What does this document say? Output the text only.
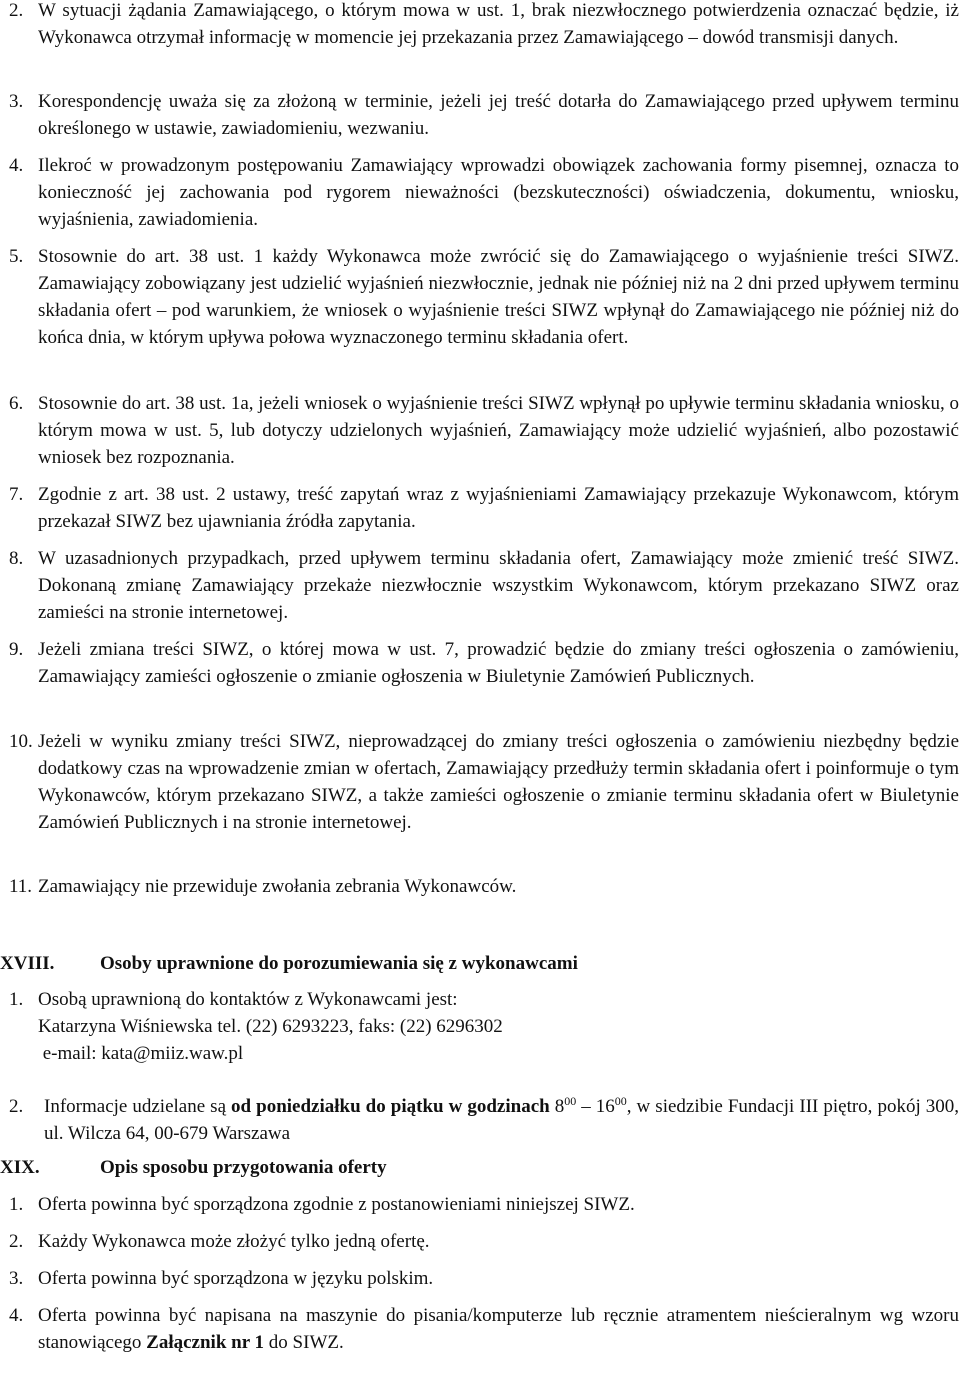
2. W sytuacji żądania Zamawiającego, o którym mowa w ust. 1, brak niezwłocznego potwierdzenia oznaczać będzie, iż Wykonawca otrzymał informację w momencie jej przekazania przez Zamawiającego – dowód transmisji danych.
3. Korespondencję uważa się za złożoną w terminie, jeżeli jej treść dotarła do Zamawiającego przed upływem terminu określonego w ustawie, zawiadomieniu, wezwaniu.
4. Ilekroć w prowadzonym postępowaniu Zamawiający wprowadzi obowiązek zachowania formy pisemnej, oznacza to konieczność jej zachowania pod rygorem nieważności (bezskuteczności) oświadczenia, dokumentu, wniosku, wyjaśnienia, zawiadomienia.
5. Stosownie do art. 38 ust. 1 każdy Wykonawca może zwrócić się do Zamawiającego o wyjaśnienie treści SIWZ. Zamawiający zobowiązany jest udzielić wyjaśnień niezwłocznie, jednak nie później niż na 2 dni przed upływem terminu składania ofert – pod warunkiem, że wniosek o wyjaśnienie treści SIWZ wpłynął do Zamawiającego nie później niż do końca dnia, w którym upływa połowa wyznaczonego terminu składania ofert.
6. Stosownie do art. 38 ust. 1a, jeżeli wniosek o wyjaśnienie treści SIWZ wpłynął po upływie terminu składania wniosku, o którym mowa w ust. 5, lub dotyczy udzielonych wyjaśnień, Zamawiający może udzielić wyjaśnień, albo pozostawić wniosek bez rozpoznania.
7. Zgodnie z art. 38 ust. 2 ustawy, treść zapytań wraz z wyjaśnieniami Zamawiający przekazuje Wykonawcom, którym przekazał SIWZ bez ujawniania źródła zapytania.
8. W uzasadnionych przypadkach, przed upływem terminu składania ofert, Zamawiający może zmienić treść SIWZ. Dokonaną zmianę Zamawiający przekaże niezwłocznie wszystkim Wykonawcom, którym przekazano SIWZ oraz zamieści na stronie internetowej.
9. Jeżeli zmiana treści SIWZ, o której mowa w ust. 7, prowadzić będzie do zmiany treści ogłoszenia o zamówieniu, Zamawiający zamieści ogłoszenie o zmianie ogłoszenia w Biuletynie Zamówień Publicznych.
10. Jeżeli w wyniku zmiany treści SIWZ, nieprowadzącej do zmiany treści ogłoszenia o zamówieniu niezbędny będzie dodatkowy czas na wprowadzenie zmian w ofertach, Zamawiający przedłuży termin składania ofert i poinformuje o tym Wykonawców, którym przekazano SIWZ, a także zamieści ogłoszenie o zmianie terminu składania ofert w Biuletynie Zamówień Publicznych i na stronie internetowej.
11. Zamawiający nie przewiduje zwołania zebrania Wykonawców.
XVIII.	Osoby uprawnione do porozumiewania się z wykonawcami
1. Osobą uprawnioną do kontaktów z Wykonawcami jest:
Katarzyna Wiśniewska tel. (22) 6293223, faks: (22) 6296302
e-mail: kata@miiz.waw.pl
2.	Informacje udzielane są od poniedziałku do piątku w godzinach $8^{00} - 16^{00}$, w siedzibie Fundacji III piętro, pokój 300, ul. Wilcza 64, 00-679 Warszawa
XIX.	Opis sposobu przygotowania oferty
1. Oferta powinna być sporządzona zgodnie z postanowieniami niniejszej SIWZ.
2. Każdy Wykonawca może złożyć tylko jedną ofertę.
3. Oferta powinna być sporządzona w języku polskim.
4. Oferta powinna być napisana na maszynie do pisania/komputerze lub ręcznie atramentem nieścieralnym wg wzoru stanowiącego Załącznik nr 1 do SIWZ.
